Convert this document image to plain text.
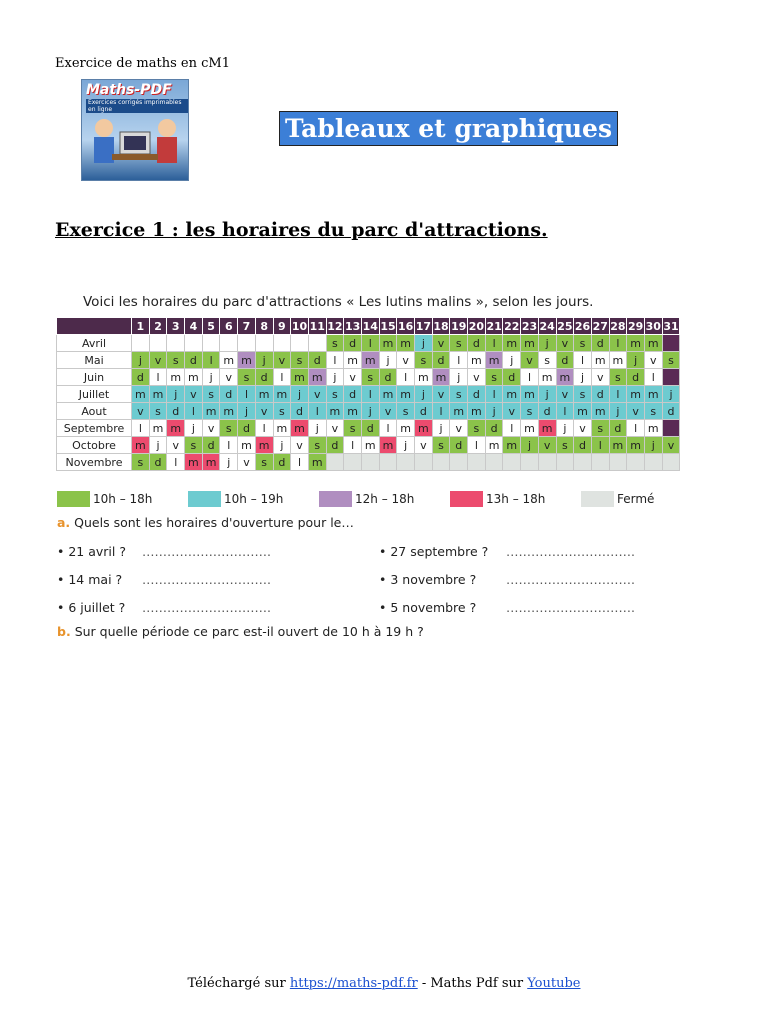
Exercice de maths en cM1
Maths-PDF
Exercices corrigés imprimables en ligne
Tableaux et graphiques
Exercice 1 : les horaires du parc d'attractions.
Voici les horaires du parc d'attractions « Les lutins malins », selon les jours.
	1	2	3	4	5	6	7	8	9	10	11	12	13	14	15	16	17	18	19	20	21	22	23	24	25	26	27	28	29	30	31
Avril												s	d	l	m	m	j	v	s	d	l	m	m	j	v	s	d	l	m	m	
Mai	j	v	s	d	l	m	m	j	v	s	d	l	m	m	j	v	s	d	l	m	m	j	v	s	d	l	m	m	j	v	s
Juin	d	l	m	m	j	v	s	d	l	m	m	j	v	s	d	l	m	m	j	v	s	d	l	m	m	j	v	s	d	l	
Juillet	m	m	j	v	s	d	l	m	m	j	v	s	d	l	m	m	j	v	s	d	l	m	m	j	v	s	d	l	m	m	j
Aout	v	s	d	l	m	m	j	v	s	d	l	m	m	j	v	s	d	l	m	m	j	v	s	d	l	m	m	j	v	s	d
Septembre	l	m	m	j	v	s	d	l	m	m	j	v	s	d	l	m	m	j	v	s	d	l	m	m	j	v	s	d	l	m	
Octobre	m	j	v	s	d	l	m	m	j	v	s	d	l	m	m	j	v	s	d	l	m	m	j	v	s	d	l	m	m	j	v
Novembre	s	d	l	m	m	j	v	s	d	l	m																				
10h – 18h	10h – 19h	12h – 18h	13h – 18h	Fermé
a. Quels sont les horaires d'ouverture pour le…
• 21 avril ? ………………………….
• 14 mai ? ………………………….
• 6 juillet ? ………………………….
• 27 septembre ? ………………………….
• 3 novembre ? ………………………….
• 5 novembre ? ………………………….
b. Sur quelle période ce parc est-il ouvert de 10 h à 19 h ?
Téléchargé sur https://maths-pdf.fr - Maths Pdf sur Youtube
